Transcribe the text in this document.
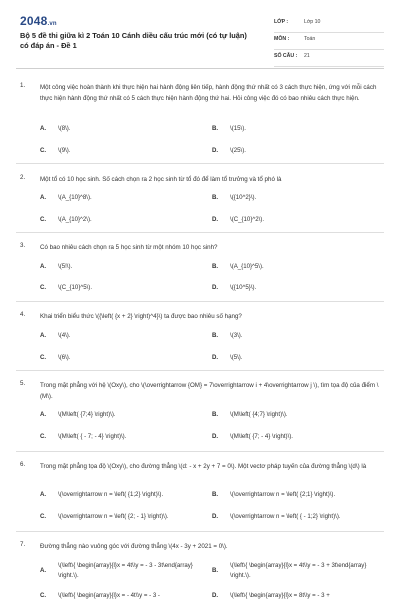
2048.vn
Bộ 5 đề thi giữa kì 2 Toán 10 Cánh diều cấu trúc mới (có tự luận) có đáp án - Đề 1
LỚP :	Lớp 10
MÔN :	Toán
SỐ CÂU : 21
1. Một công việc hoàn thành khi thực hiện hai hành động liên tiếp, hành động thứ nhất có 3 cách thực hiện, ứng với mỗi cách thực hiện hành động thứ nhất có 5 cách thực hiện hành động thứ hai. Hỏi công việc đó có bao nhiêu cách thực hiện.
A. \(8\).	B. \(15\).
C. \(9\).	D. \(25\).
2. Một tổ có 10 học sinh. Số cách chọn ra 2 học sinh từ tổ đó để làm tổ trưởng và tổ phó là
A. \(A_{10}^8\).	B. \({10^2}\).
C. \(A_{10}^2\).	D. \(C_{10}^2\).
3. Có bao nhiêu cách chọn ra 5 học sinh từ một nhóm 10 học sinh?
A. \(5!\).	B. \(A_{10}^5\).
C. \(C_{10}^5\).	D. \({10^5}\).
4. Khai triển biểu thức \({\left( {x + 2} \right)^4}\) ta được bao nhiêu số hạng?
A. \(4\).	B. \(3\).
C. \(6\).	D. \(5\).
5. Trong mặt phẳng với hệ \(Oxy\), cho \(\overrightarrow {OM} = 7\overrightarrow i + 4\overrightarrow j \), tìm tọa độ của điểm \(M\).
A. \(M\left( {7;4} \right)\).	B. \(M\left( {4;7} \right)\).
C. \(M\left( { - 7; - 4} \right)\).	D. \(M\left( {7; - 4} \right)\).
6. Trong mặt phẳng tọa độ \(Oxy\), cho đường thẳng \(d: - x + 2y + 7 = 0\). Một vectơ pháp tuyến của đường thẳng \(d\) là
A. \(\overrightarrow n = \left( {1;2} \right)\).	B. \(\overrightarrow n = \left( {2;1} \right)\).
C. \(\overrightarrow n = \left( {2; - 1} \right)\).	D. \(\overrightarrow n = \left( { - 1;2} \right)\).
7. Đường thẳng nào vuông góc với đường thẳng \(4x - 3y + 2021 = 0\).
A.
\(\left\{ \begin{array}{l}x = 4t\\y = - 3 - 3t\end{array} \right.\).
B.
\(\left\{ \begin{array}{l}x = 4t\\y = - 3 + 3t\end{array} \right.\).
C. \(\left\{ \begin{array}{l}x = - 4t\\y = - 3 -	D. \(\left\{ \begin{array}{l}x = 8t\\y = - 3 +
